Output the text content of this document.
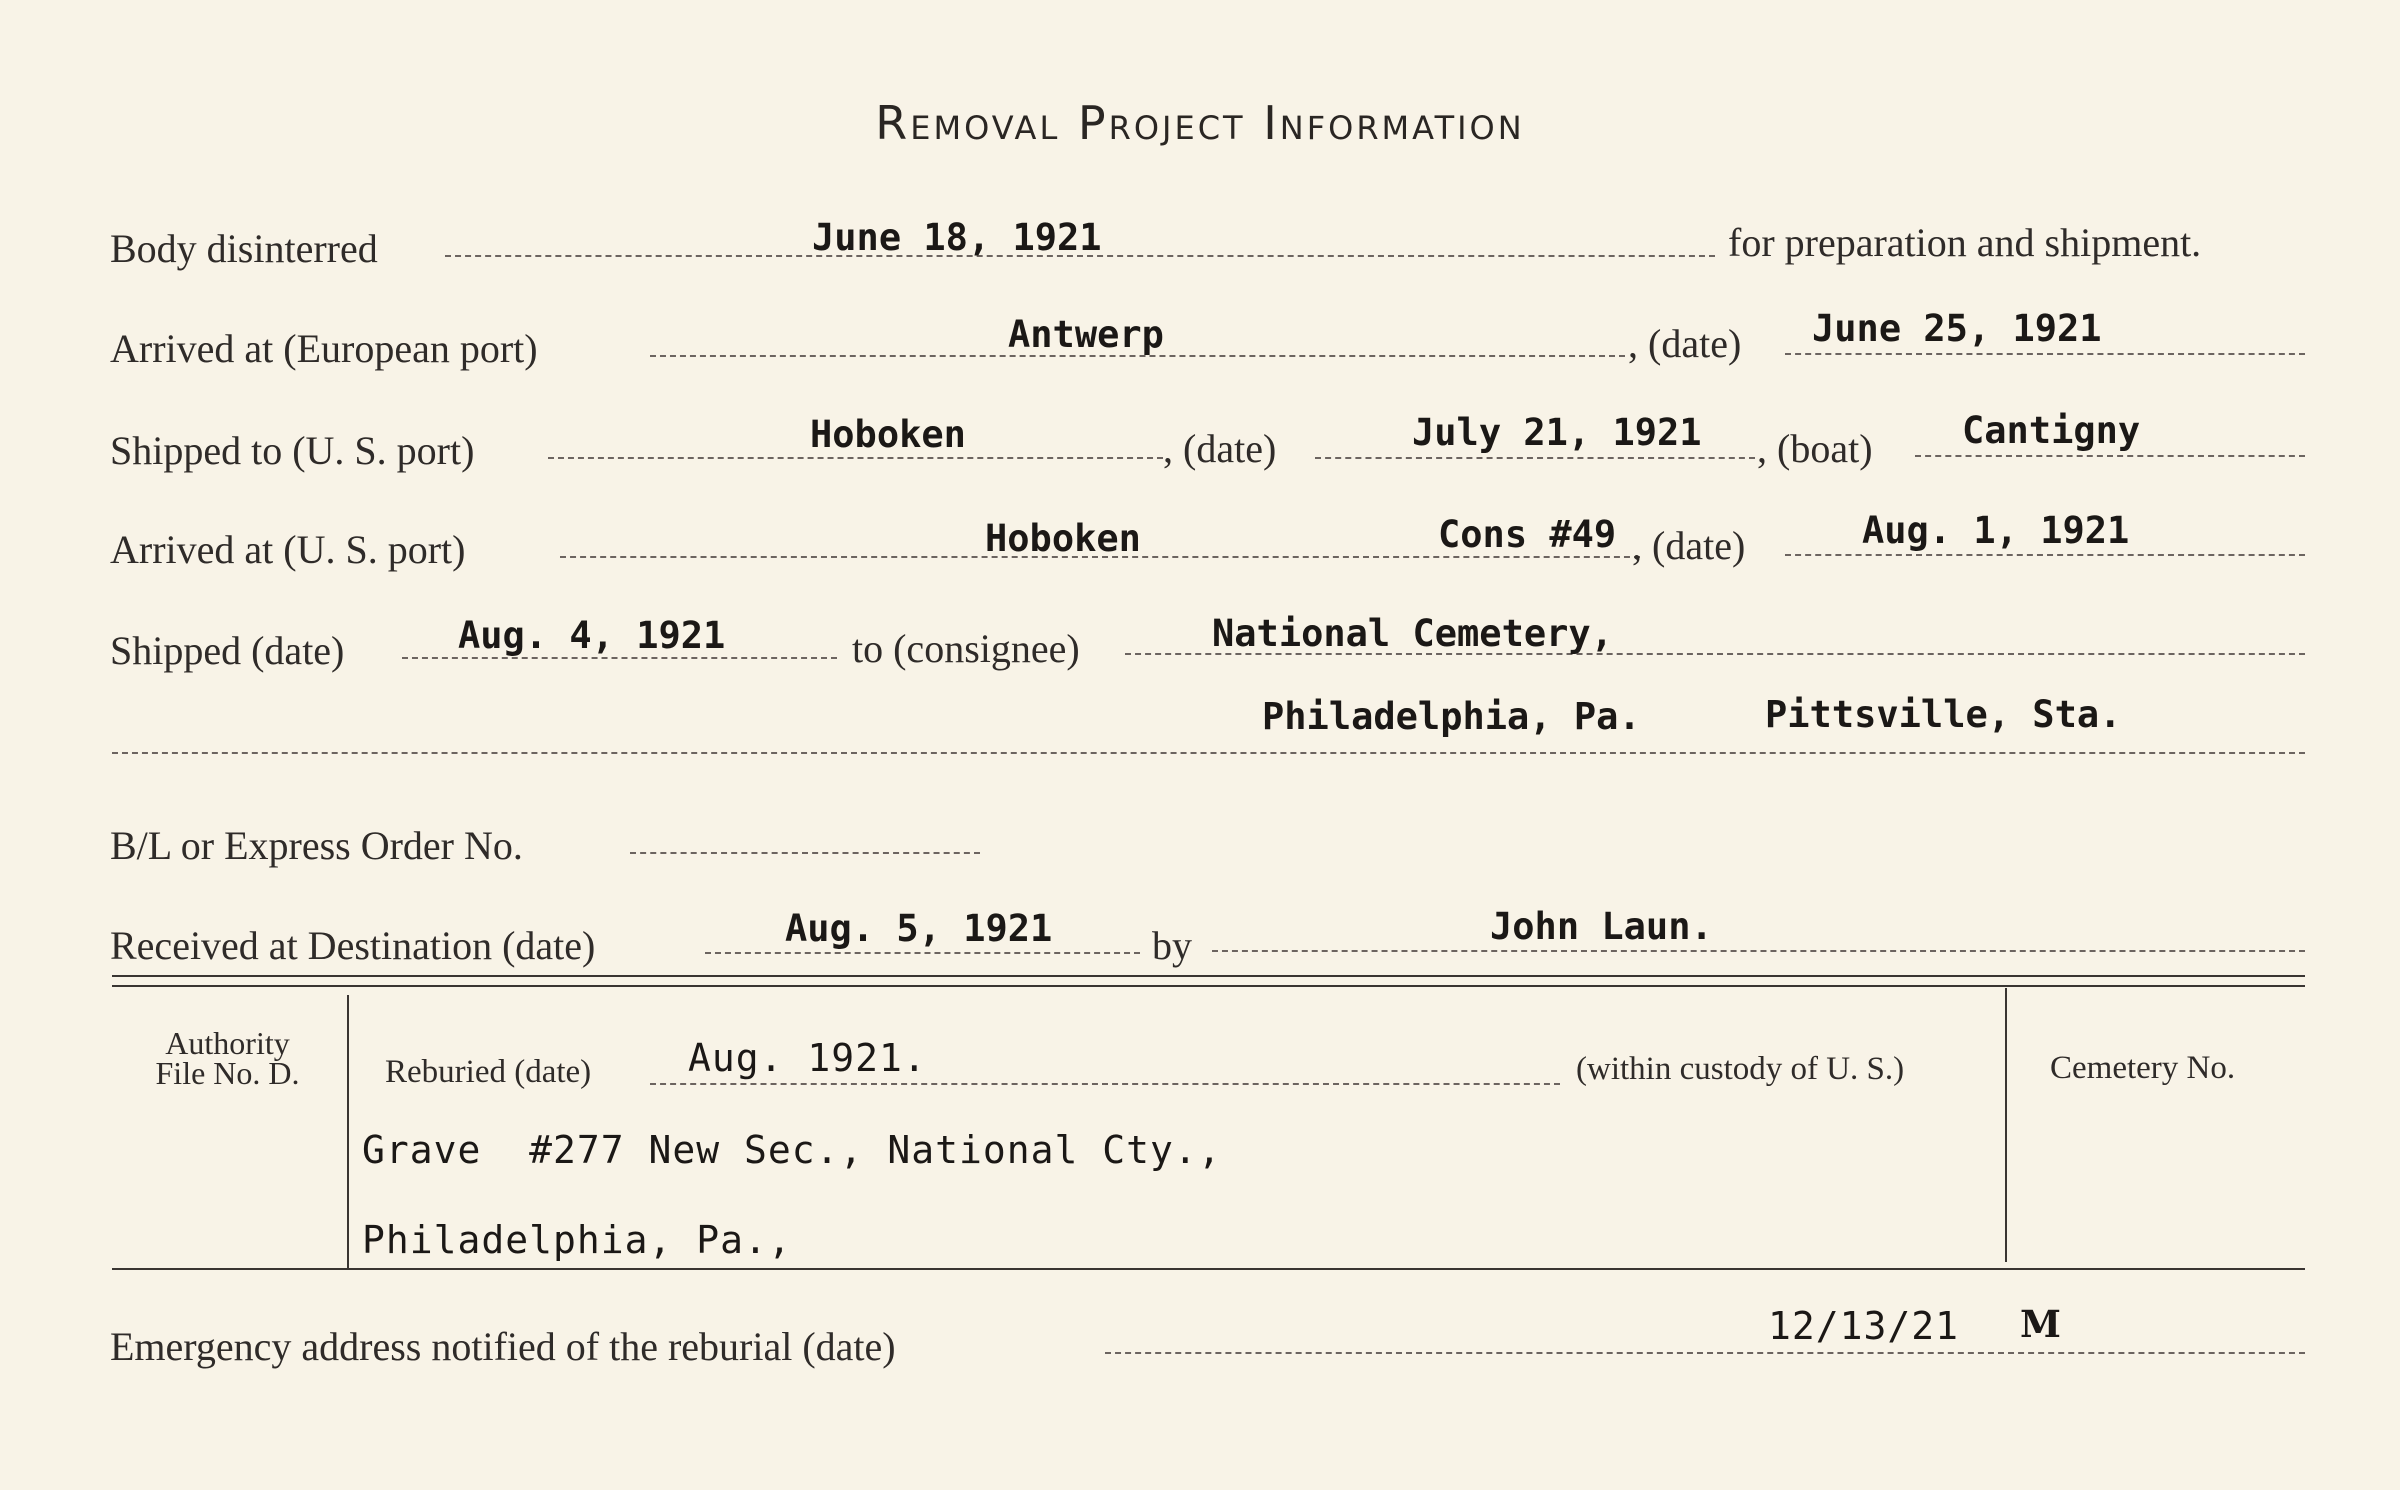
Removal Project Information
Body disinterred	June 18, 1921	for preparation and shipment.
Arrived at (European port)	Antwerp	, (date) June 25, 1921
Shipped to (U. S. port)	Hoboken	, (date)	July 21, 1921 , (boat) Cantigny
Arrived at (U. S. port)	Hoboken	Cons #49 , (date)	Aug. 1, 1921
Shipped (date)	Aug. 4, 1921	to (consignee)	National Cemetery,
Philadelphia, Pa.	Pittsville, Sta.
B/L or Express Order No.
Received at Destination (date)	Aug. 5, 1921 by	John Laun.
Authority
File No. D.	Reburied (date)	Aug. 1921.	(within custody of U. S.)
Grave  #277 New Sec., National Cty.,
Philadelphia, Pa.,
Cemetery No.
Emergency address notified of the reburial (date)	12/13/21 M
